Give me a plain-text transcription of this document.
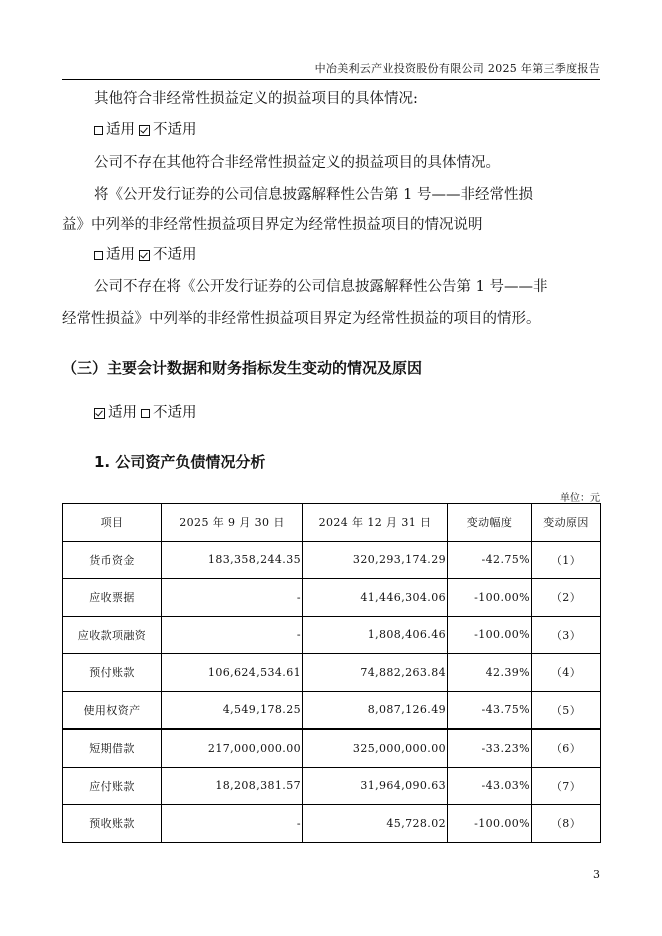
中冶美利云产业投资股份有限公司 2025 年第三季度报告
其他符合非经常性损益定义的损益项目的具体情况:
适用 不适用
公司不存在其他符合非经常性损益定义的损益项目的具体情况。
将《公开发行证券的公司信息披露解释性公告第 1 号——非经常性损
益》中列举的非经常性损益项目界定为经常性损益项目的情况说明
适用 不适用
公司不存在将《公开发行证券的公司信息披露解释性公告第 1 号——非
经常性损益》中列举的非经常性损益项目界定为经常性损益的项目的情形。
（三）主要会计数据和财务指标发生变动的情况及原因
适用 不适用
1. 公司资产负债情况分析
单位：元
项目	2025 年 9 月 30 日	2024 年 12 月 31 日	变动幅度	变动原因
货币资金	183,358,244.35	320,293,174.29	-42.75%	（1）
应收票据	-	41,446,304.06	-100.00%	（2）
应收款项融资	-	1,808,406.46	-100.00%	（3）
预付账款	106,624,534.61	74,882,263.84	42.39%	（4）
使用权资产	4,549,178.25	8,087,126.49	-43.75%	（5）
短期借款	217,000,000.00	325,000,000.00	-33.23%	（6）
应付账款	18,208,381.57	31,964,090.63	-43.03%	（7）
预收账款	-	45,728.02	-100.00%	（8）
3
